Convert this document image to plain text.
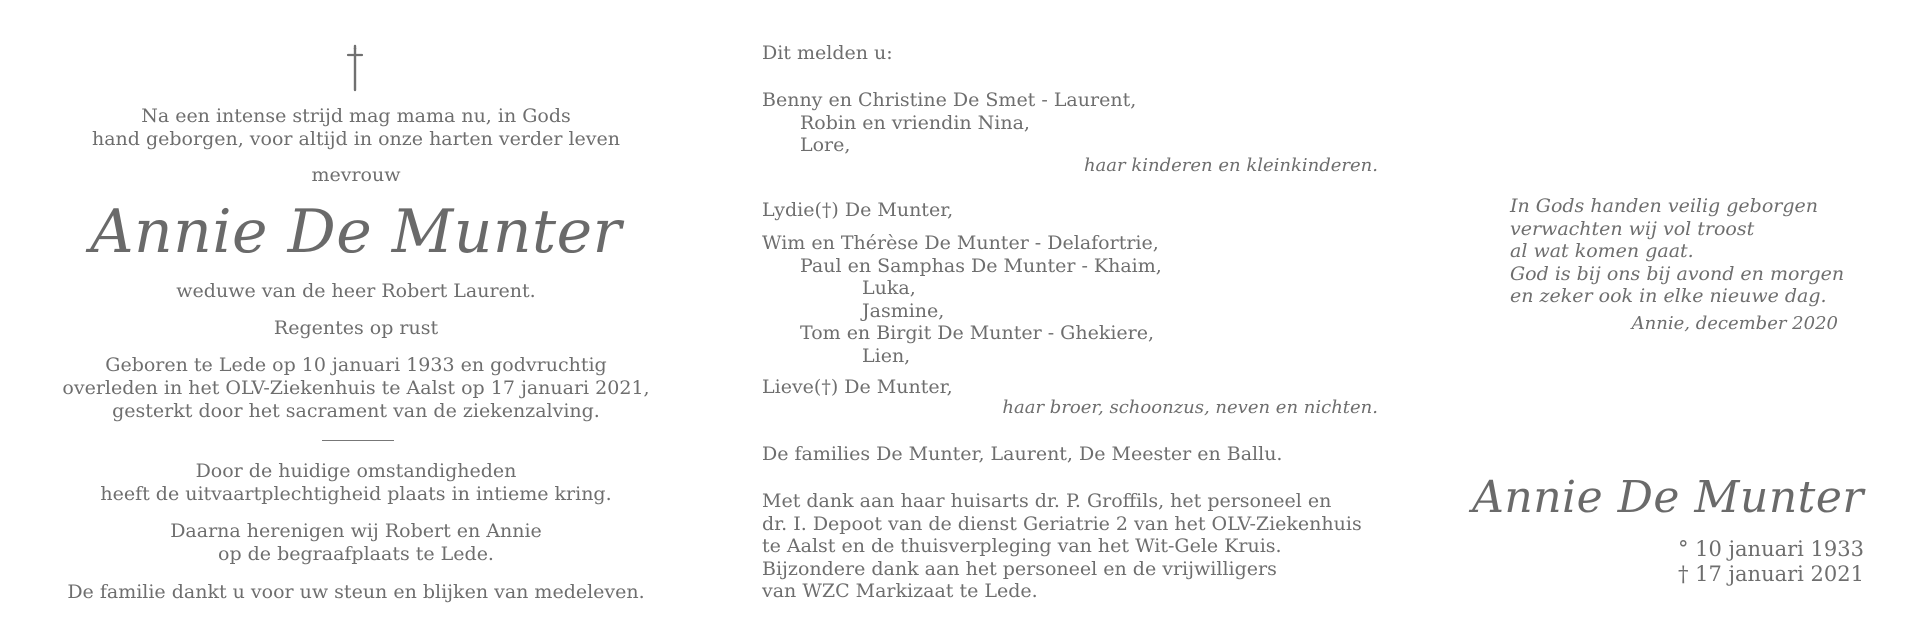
Na een intense strijd mag mama nu, in Gods
hand geborgen, voor altijd in onze harten verder leven
mevrouw
Annie De Munter
weduwe van de heer Robert Laurent.
Regentes op rust
Geboren te Lede op 10 januari 1933 en godvruchtig
overleden in het OLV-Ziekenhuis te Aalst op 17 januari 2021,
gesterkt door het sacrament van de ziekenzalving.
Door de huidige omstandigheden
heeft de uitvaartplechtigheid plaats in intieme kring.
Daarna herenigen wij Robert en Annie
op de begraafplaats te Lede.
De familie dankt u voor uw steun en blijken van medeleven.
Dit melden u:
Benny en Christine De Smet - Laurent,
Robin en vriendin Nina,
Lore,
haar kinderen en kleinkinderen.
Lydie(†) De Munter,
Wim en Thérèse De Munter - Delafortrie,
Paul en Samphas De Munter - Khaim,
Luka,
Jasmine,
Tom en Birgit De Munter - Ghekiere,
Lien,
Lieve(†) De Munter,
haar broer, schoonzus, neven en nichten.
De families De Munter, Laurent, De Meester en Ballu.
Met dank aan haar huisarts dr. P. Groffils, het personeel en
dr. I. Depoot van de dienst Geriatrie 2 van het OLV-Ziekenhuis
te Aalst en de thuisverpleging van het Wit-Gele Kruis.
Bijzondere dank aan het personeel en de vrijwilligers
van WZC Markizaat te Lede.
In Gods handen veilig geborgen
verwachten wij vol troost
al wat komen gaat.
God is bij ons bij avond en morgen
en zeker ook in elke nieuwe dag.
Annie, december 2020
Annie De Munter
° 10 januari 1933
† 17 januari 2021
